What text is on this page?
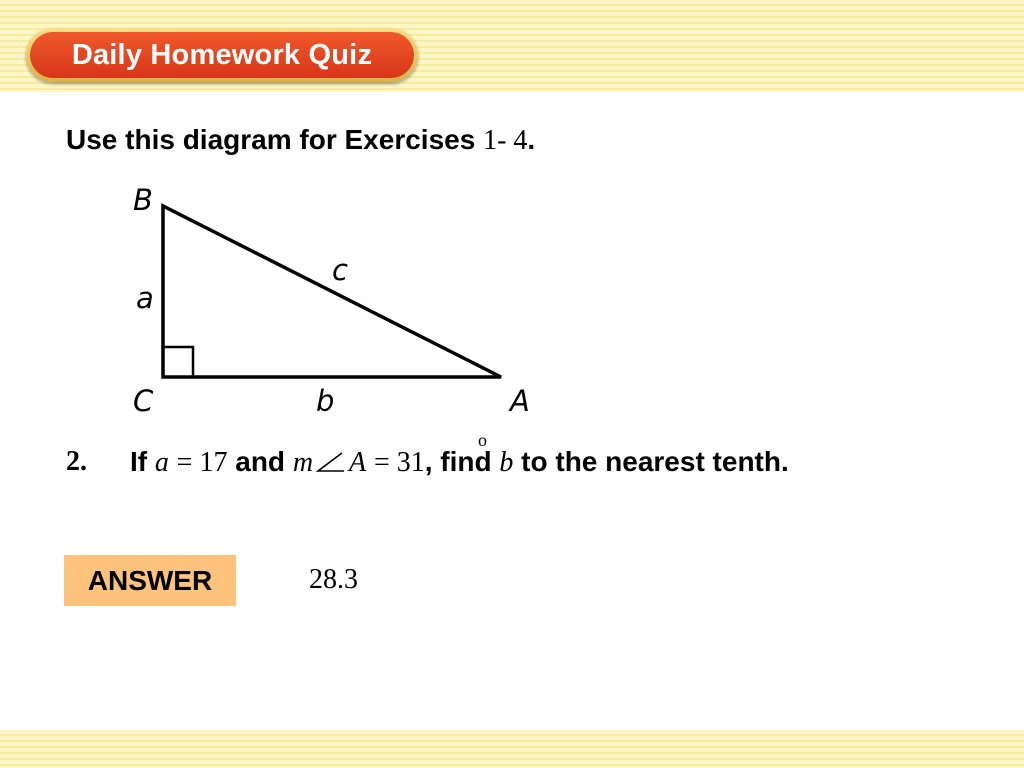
Daily Homework Quiz
Use this diagram for Exercises 1- 4.
B
C	A
a
b
c
2. If a = 17 and m A = 31, find b to the nearest tenth.
o
ANSWER	28.3
